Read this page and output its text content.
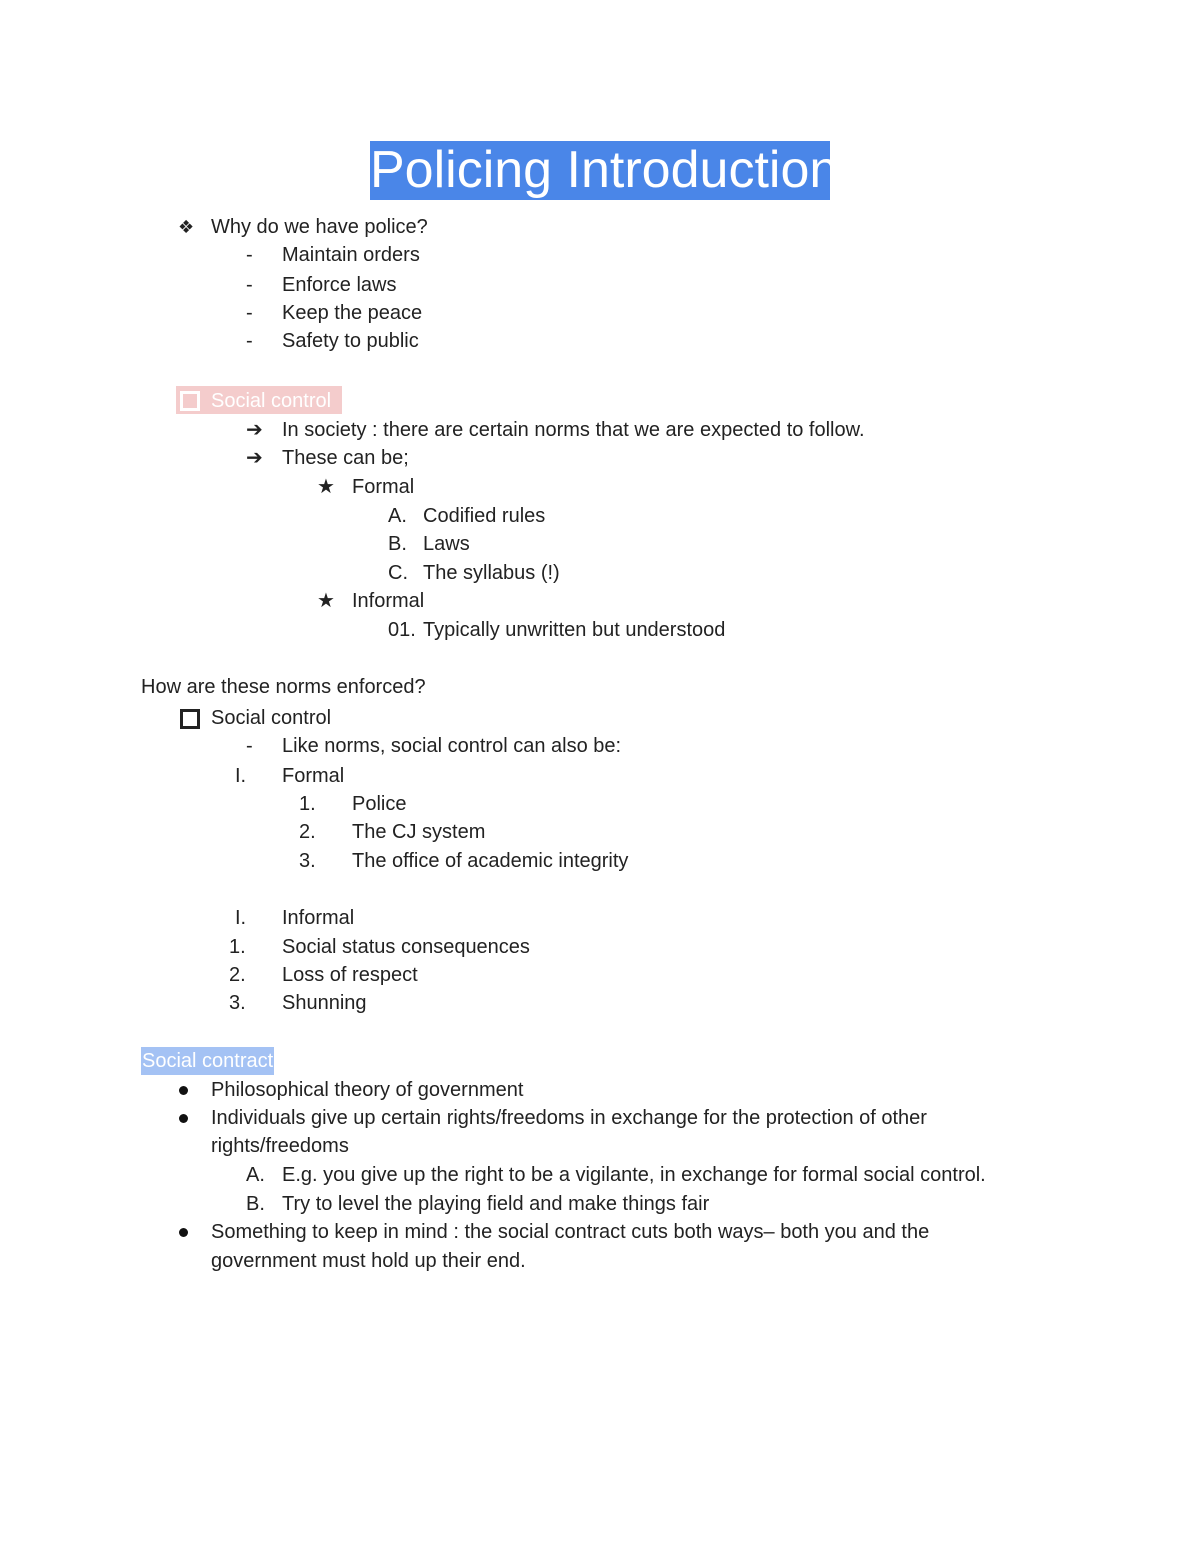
Policing Introduction
❖ Why do we have police?
- Maintain orders
- Enforce laws
- Keep the peace
- Safety to public
Social control
➔ In society : there are certain norms that we are expected to follow.
➔ These can be;
★ Formal
A. Codified rules
B. Laws
C. The syllabus (!)
★ Informal
01. Typically unwritten but understood
How are these norms enforced?
Social control
- Like norms, social control can also be:
I. Formal
1. Police
2. The CJ system
3. The office of academic integrity
I. Informal
1. Social status consequences
2. Loss of respect
3. Shunning
Social contract
Philosophical theory of government
Individuals give up certain rights/freedoms in exchange for the protection of other
rights/freedoms
A. E.g. you give up the right to be a vigilante, in exchange for formal social control.
B. Try to level the playing field and make things fair
Something to keep in mind : the social contract cuts both ways– both you and the
government must hold up their end.
